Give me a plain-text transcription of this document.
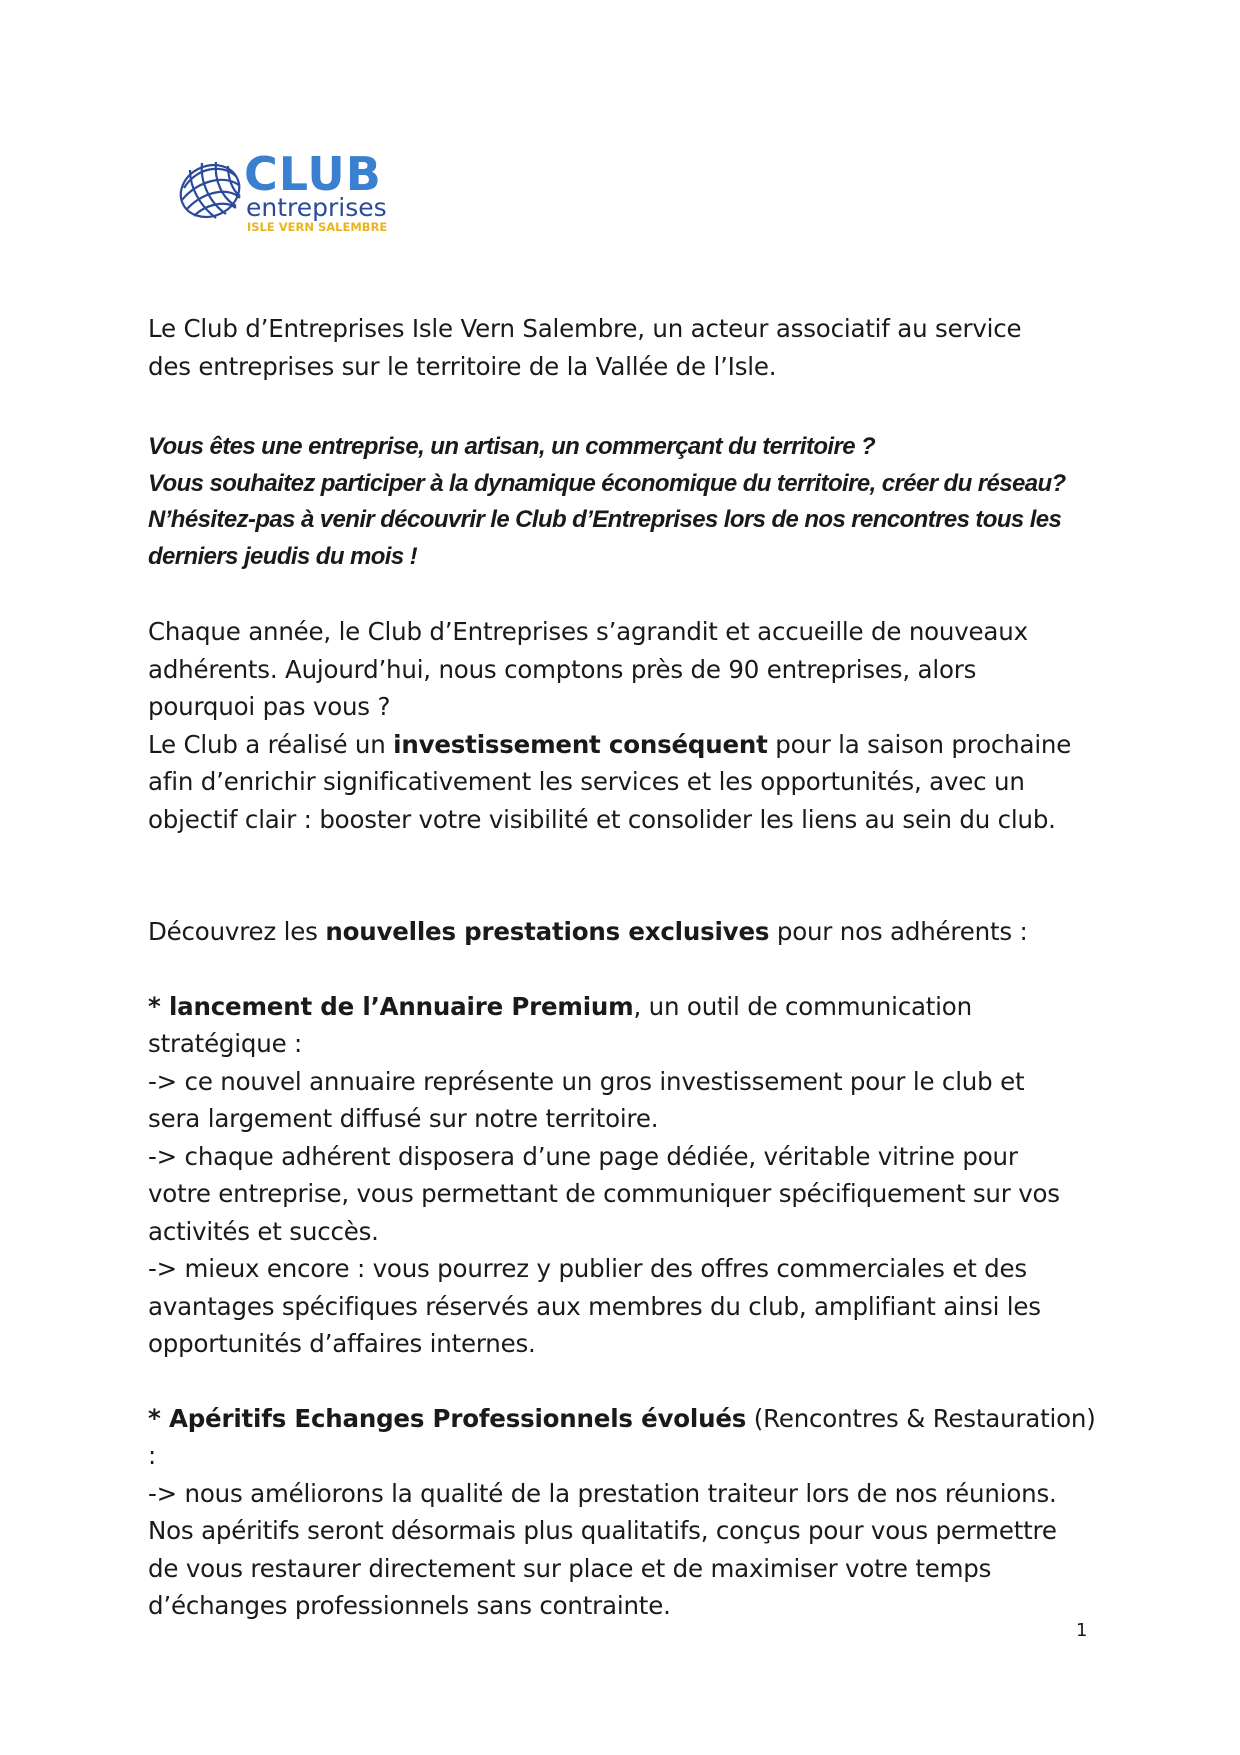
CLUB
entreprises
ISLE VERN SALEMBRE

Le Club d’Entreprises Isle Vern Salembre, un acteur associatif au service

des entreprises sur le territoire de la Vallée de l’Isle.

Vous êtes une entreprise, un artisan, un commerçant du territoire ?

Vous souhaitez participer à la dynamique économique du territoire, créer du réseau?

N’hésitez-pas à venir découvrir le Club d’Entreprises lors de nos rencontres tous les

derniers jeudis du mois !

Chaque année, le Club d’Entreprises s’agrandit et accueille de nouveaux

adhérents. Aujourd’hui, nous comptons près de 90 entreprises, alors

pourquoi pas vous ?

Le Club a réalisé un investissement conséquent pour la saison prochaine

afin d’enrichir significativement les services et les opportunités, avec un

objectif clair : booster votre visibilité et consolider les liens au sein du club.

Découvrez les nouvelles prestations exclusives pour nos adhérents :

* lancement de l’Annuaire Premium, un outil de communication

stratégique :

-> ce nouvel annuaire représente un gros investissement pour le club et

sera largement diffusé sur notre territoire.

-> chaque adhérent disposera d’une page dédiée, véritable vitrine pour

votre entreprise, vous permettant de communiquer spécifiquement sur vos

activités et succès.

-> mieux encore : vous pourrez y publier des offres commerciales et des

avantages spécifiques réservés aux membres du club, amplifiant ainsi les

opportunités d’affaires internes.

* Apéritifs Echanges Professionnels évolués (Rencontres & Restauration) :

-> nous améliorons la qualité de la prestation traiteur lors de nos réunions.

Nos apéritifs seront désormais plus qualitatifs, conçus pour vous permettre

de vous restaurer directement sur place et de maximiser votre temps

d’échanges professionnels sans contrainte.

1
